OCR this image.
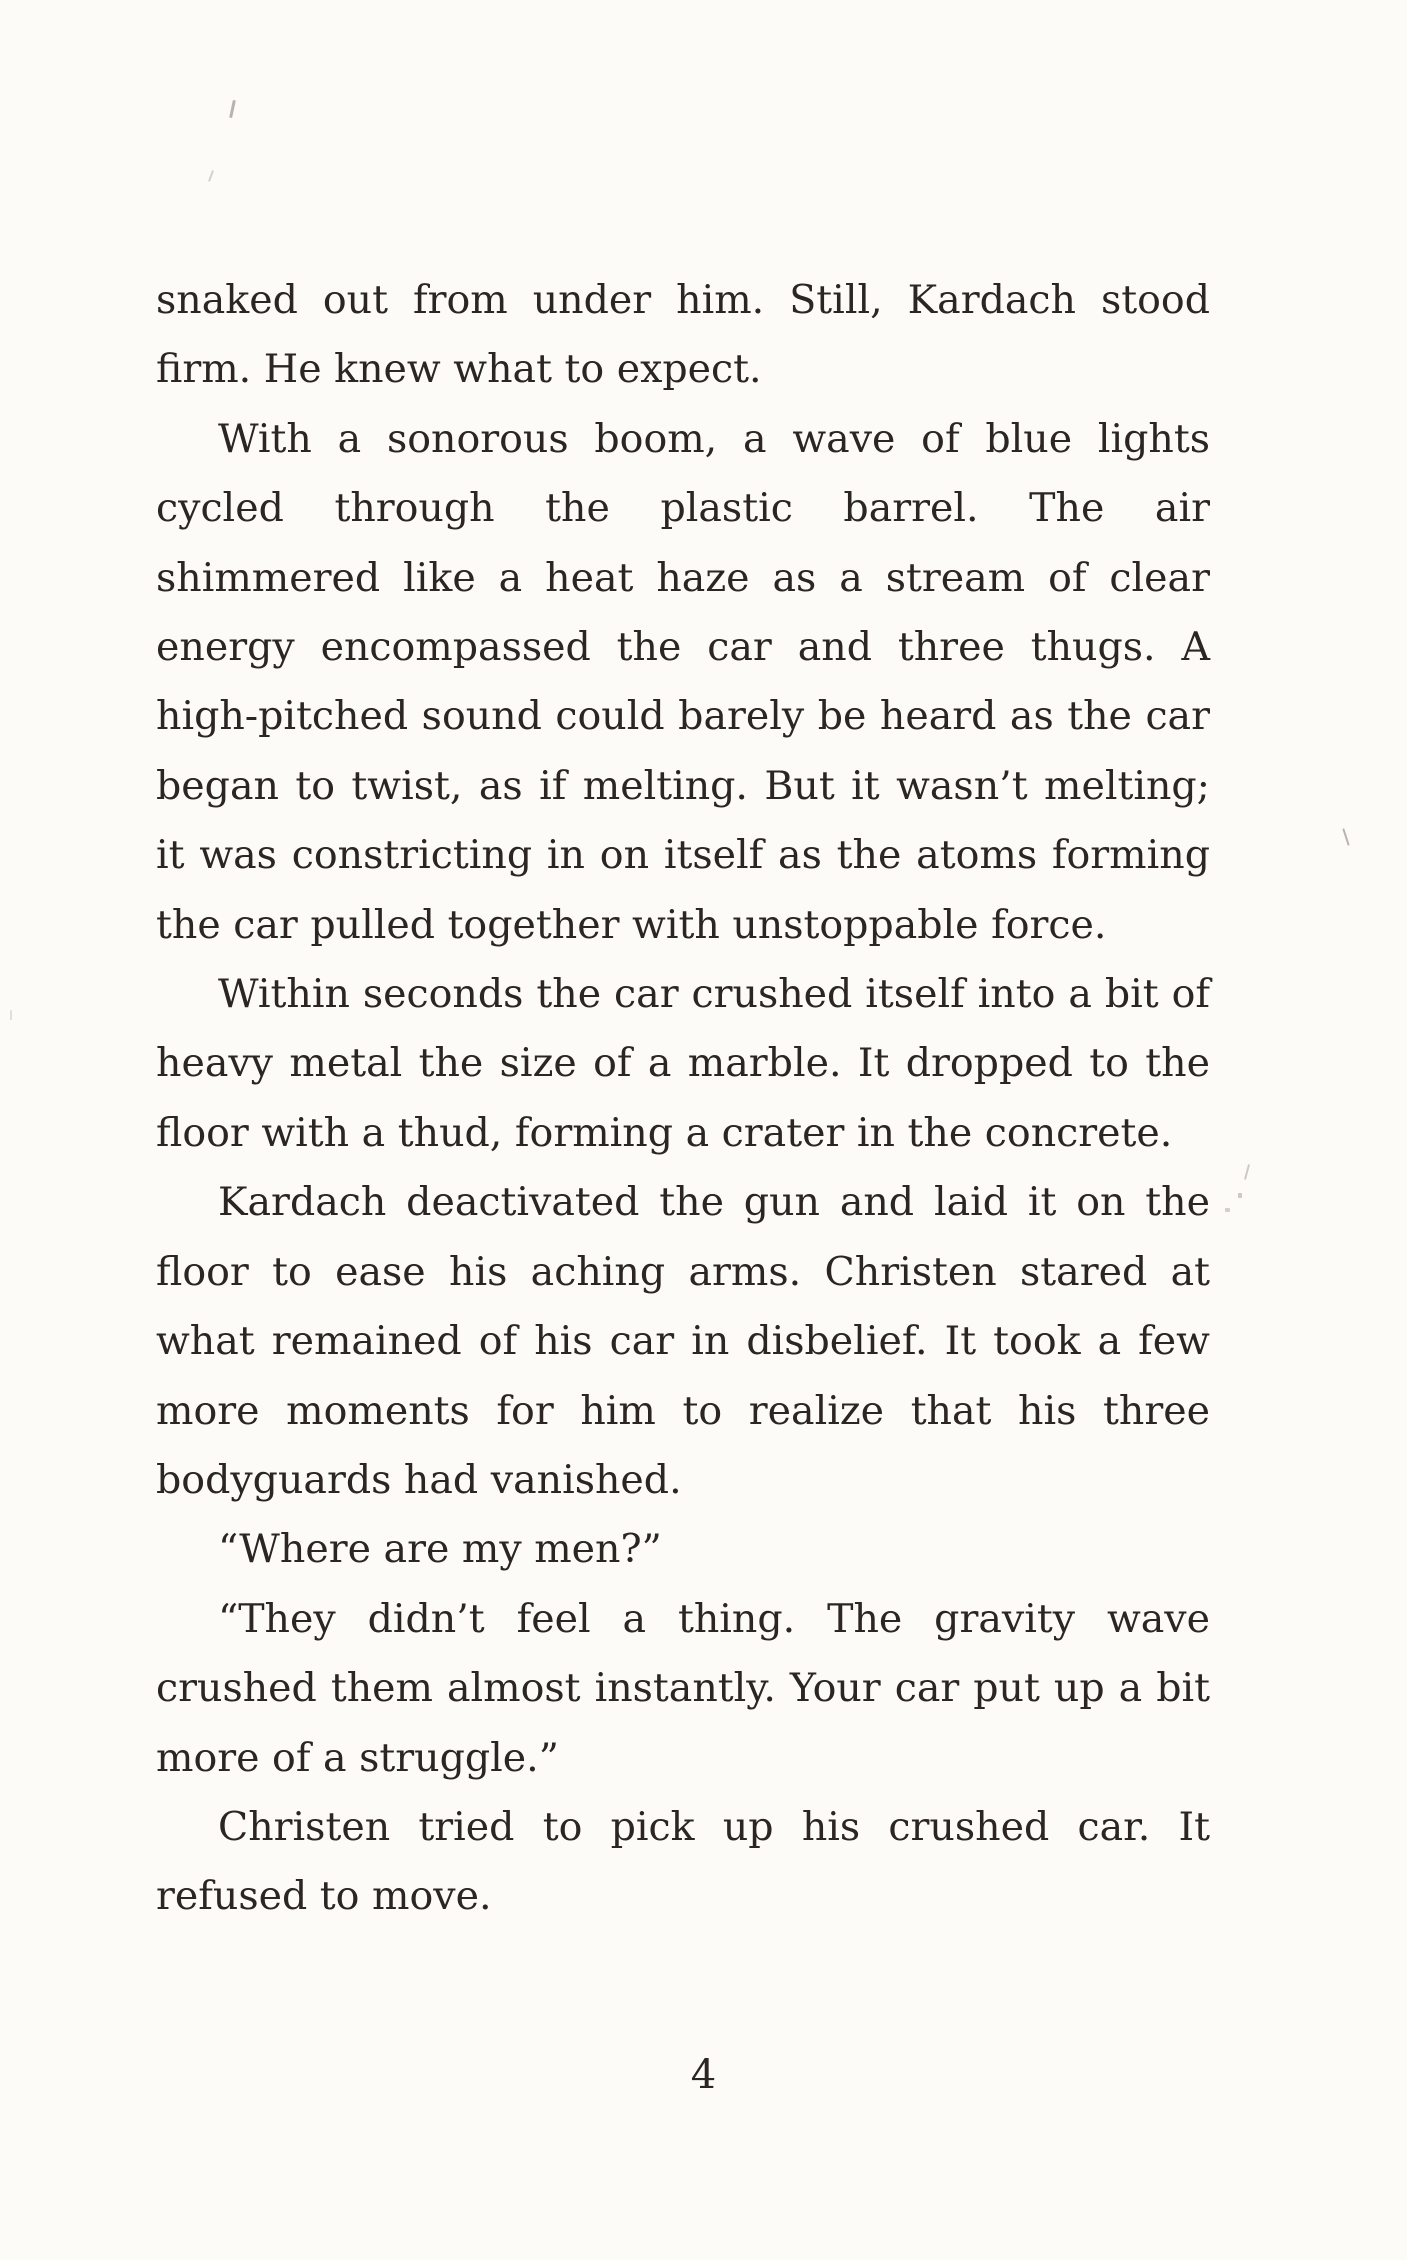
snaked out from under him. Still, Kardach stood firm. He knew what to expect.

With a sonorous boom, a wave of blue lights cycled through the plastic barrel. The air shimmered like a heat haze as a stream of clear energy encompassed the car and three thugs. A high-pitched sound could barely be heard as the car began to twist, as if melting. But it wasn’t melting; it was constricting in on itself as the atoms forming the car pulled together with unstoppable force.

Within seconds the car crushed itself into a bit of heavy metal the size of a marble. It dropped to the floor with a thud, forming a crater in the concrete.

Kardach deactivated the gun and laid it on the floor to ease his aching arms. Christen stared at what remained of his car in disbelief. It took a few more moments for him to realize that his three bodyguards had vanished.

“Where are my men?”

“They didn’t feel a thing. The gravity wave crushed them almost instantly. Your car put up a bit more of a struggle.”

Christen tried to pick up his crushed car. It refused to move.

4
